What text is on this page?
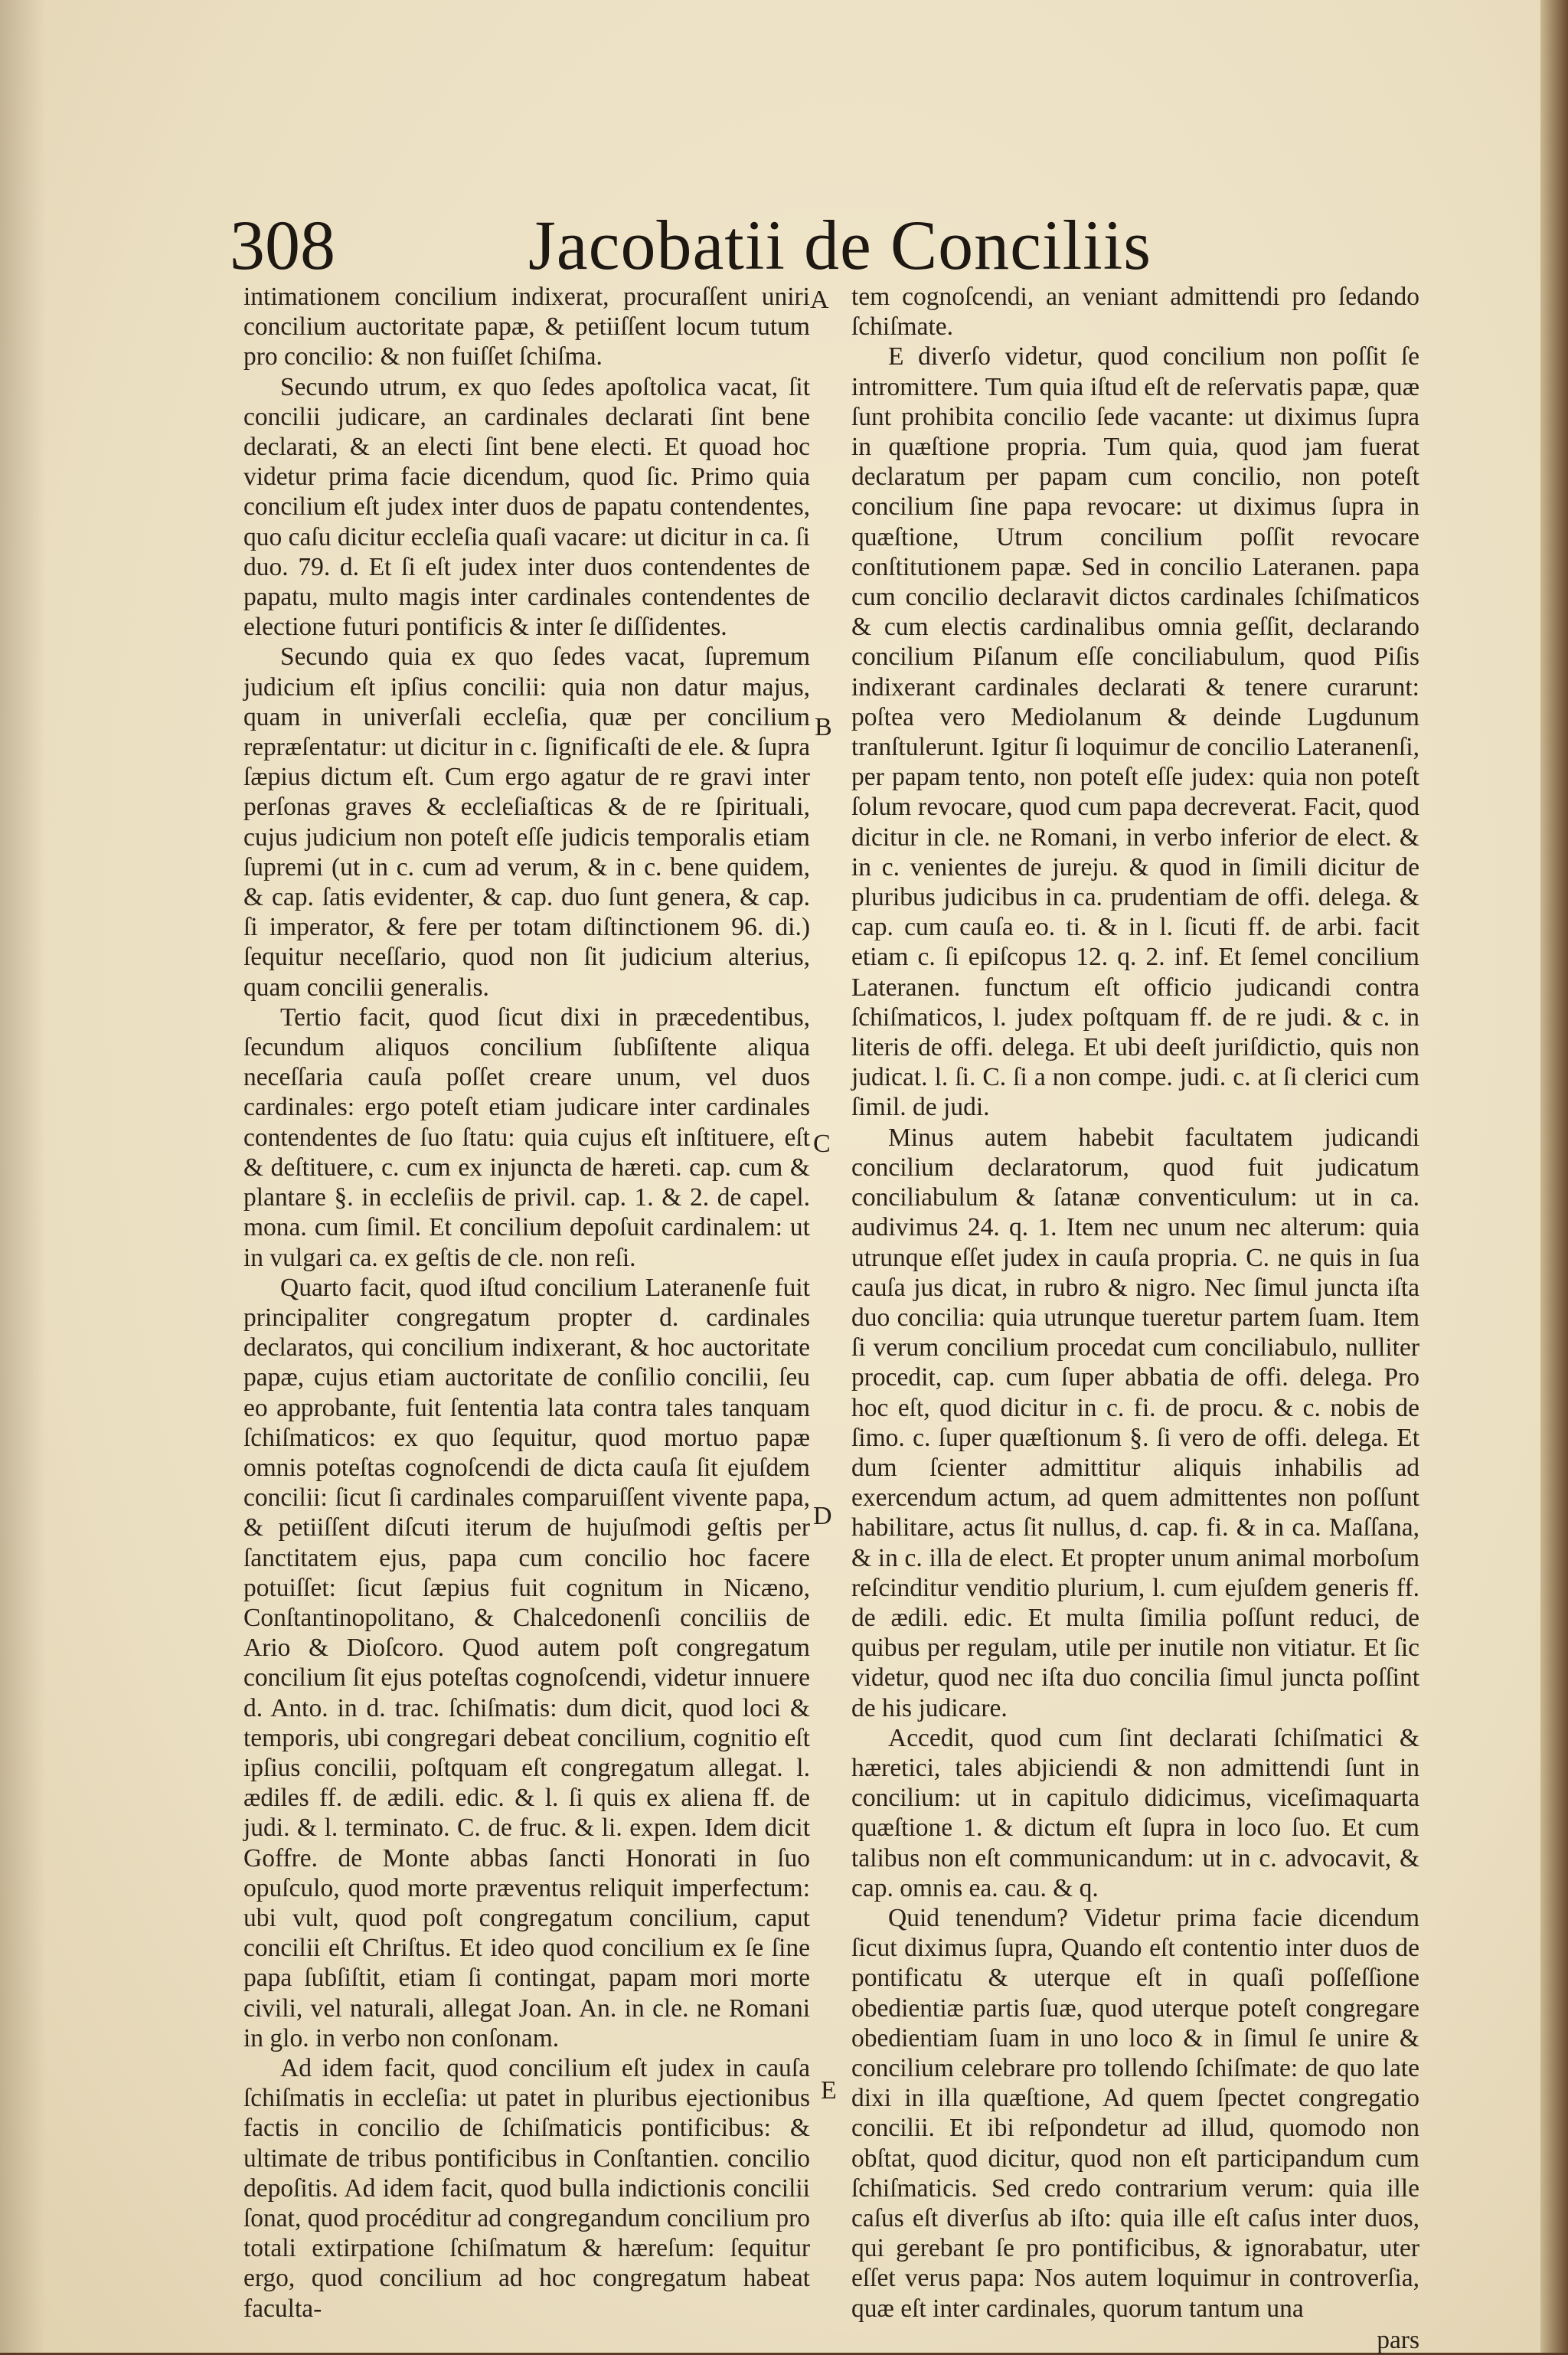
308	Jacobatii de Conciliis

intimationem concilium indixerat, procuraſſent uniri concilium auctoritate papæ, & petiiſſent locum tutum pro concilio: & non fuiſſet ſchiſma.

Secundo utrum, ex quo ſedes apoſtolica vacat, ſit concilii judicare, an cardinales declarati ſint bene declarati, & an electi ſint bene electi. Et quoad hoc videtur prima facie dicendum, quod ſic. Primo quia concilium eſt judex inter duos de papatu contendentes, quo caſu dicitur eccleſia quaſi vacare: ut dicitur in ca. ſi duo. 79. d. Et ſi eſt judex inter duos contendentes de papatu, multo magis inter cardinales contendentes de electione futuri pontificis & inter ſe diſſidentes.

Secundo quia ex quo ſedes vacat, ſupremum judicium eſt ipſius concilii: quia non datur majus, quam in univerſali eccleſia, quæ per concilium repræſentatur: ut dicitur in c. ſignificaſti de ele. & ſupra ſæpius dictum eſt. Cum ergo agatur de re gravi inter perſonas graves & eccleſiaſticas & de re ſpirituali, cujus judicium non poteſt eſſe judicis temporalis etiam ſupremi (ut in c. cum ad verum, & in c. bene quidem, & cap. ſatis evidenter, & cap. duo ſunt genera, & cap. ſi imperator, & fere per totam diſtinctionem 96. di.) ſequitur neceſſario, quod non ſit judicium alterius, quam concilii generalis.

Tertio facit, quod ſicut dixi in præcedentibus, ſecundum aliquos concilium ſubſiſtente aliqua neceſſaria cauſa poſſet creare unum, vel duos cardinales: ergo poteſt etiam judicare inter cardinales contendentes de ſuo ſtatu: quia cujus eſt inſtituere, eſt & deſtituere, c. cum ex injuncta de hæreti. cap. cum & plantare §. in eccleſiis de privil. cap. 1. & 2. de capel. mona. cum ſimil. Et concilium depoſuit cardinalem: ut in vulgari ca. ex geſtis de cle. non reſi.

Quarto facit, quod iſtud concilium Lateranenſe fuit principaliter congregatum propter d. cardinales declaratos, qui concilium indixerant, & hoc auctoritate papæ, cujus etiam auctoritate de conſilio concilii, ſeu eo approbante, fuit ſententia lata contra tales tanquam ſchiſmaticos: ex quo ſequitur, quod mortuo papæ omnis poteſtas cognoſcendi de dicta cauſa ſit ejuſdem concilii: ſicut ſi cardinales comparuiſſent vivente papa, & petiiſſent diſcuti iterum de hujuſmodi geſtis per ſanctitatem ejus, papa cum concilio hoc facere potuiſſet: ſicut ſæpius fuit cognitum in Nicæno, Conſtantinopolitano, & Chalcedonenſi conciliis de Ario & Dioſcoro. Quod autem poſt congregatum concilium ſit ejus poteſtas cognoſcendi, videtur innuere d. Anto. in d. trac. ſchiſmatis: dum dicit, quod loci & temporis, ubi congregari debeat concilium, cognitio eſt ipſius concilii, poſtquam eſt congregatum allegat. l. ædiles ff. de ædili. edic. & l. ſi quis ex aliena ff. de judi. & l. terminato. C. de fruc. & li. expen. Idem dicit Goffre. de Monte abbas ſancti Honorati in ſuo opuſculo, quod morte præventus reliquit imperfectum: ubi vult, quod poſt congregatum concilium, caput concilii eſt Chriſtus. Et ideo quod concilium ex ſe ſine papa ſubſiſtit, etiam ſi contingat, papam mori morte civili, vel naturali, allegat Joan. An. in cle. ne Romani in glo. in verbo non conſonam.

Ad idem facit, quod concilium eſt judex in cauſa ſchiſmatis in eccleſia: ut patet in pluribus ejectionibus factis in concilio de ſchiſmaticis pontificibus: & ultimate de tribus pontificibus in Conſtantien. concilio depoſitis. Ad idem facit, quod bulla indictionis concilii ſonat, quod procéditur ad congregandum concilium pro totali extirpatione ſchiſmatum & hæreſum: ſequitur ergo, quod concilium ad hoc congregatum habeat faculta-

A
B
C
D
E

tem cognoſcendi, an veniant admittendi pro ſedando ſchiſmate.

E diverſo videtur, quod concilium non poſſit ſe intromittere. Tum quia iſtud eſt de reſervatis papæ, quæ ſunt prohibita concilio ſede vacante: ut diximus ſupra in quæſtione propria. Tum quia, quod jam fuerat declaratum per papam cum concilio, non poteſt concilium ſine papa revocare: ut diximus ſupra in quæſtione, Utrum concilium poſſit revocare conſtitutionem papæ. Sed in concilio Lateranen. papa cum concilio declaravit dictos cardinales ſchiſmaticos & cum electis cardinalibus omnia geſſit, declarando concilium Piſanum eſſe conciliabulum, quod Piſis indixerant cardinales declarati & tenere curarunt: poſtea vero Mediolanum & deinde Lugdunum tranſtulerunt. Igitur ſi loquimur de concilio Lateranenſi, per papam tento, non poteſt eſſe judex: quia non poteſt ſolum revocare, quod cum papa decreverat. Facit, quod dicitur in cle. ne Romani, in verbo inferior de elect. & in c. venientes de jureju. & quod in ſimili dicitur de pluribus judicibus in ca. prudentiam de offi. delega. & cap. cum cauſa eo. ti. & in l. ſicuti ff. de arbi. facit etiam c. ſi epiſcopus 12. q. 2. inf. Et ſemel concilium Lateranen. functum eſt officio judicandi contra ſchiſmaticos, l. judex poſtquam ff. de re judi. & c. in literis de offi. delega. Et ubi deeſt juriſdictio, quis non judicat. l. ſi. C. ſi a non compe. judi. c. at ſi clerici cum ſimil. de judi.

Minus autem habebit facultatem judicandi concilium declaratorum, quod fuit judicatum conciliabulum & ſatanæ conventiculum: ut in ca. audivimus 24. q. 1. Item nec unum nec alterum: quia utrunque eſſet judex in cauſa propria. C. ne quis in ſua cauſa jus dicat, in rubro & nigro. Nec ſimul juncta iſta duo concilia: quia utrunque tueretur partem ſuam. Item ſi verum concilium procedat cum conciliabulo, nulliter procedit, cap. cum ſuper abbatia de offi. delega. Pro hoc eſt, quod dicitur in c. fi. de procu. & c. nobis de ſimo. c. ſuper quæſtionum §. ſi vero de offi. delega. Et dum ſcienter admittitur aliquis inhabilis ad exercendum actum, ad quem admittentes non poſſunt habilitare, actus ſit nullus, d. cap. fi. & in ca. Maſſana, & in c. illa de elect. Et propter unum animal morboſum reſcinditur venditio plurium, l. cum ejuſdem generis ff. de ædili. edic. Et multa ſimilia poſſunt reduci, de quibus per regulam, utile per inutile non vitiatur. Et ſic videtur, quod nec iſta duo concilia ſimul juncta poſſint de his judicare.

Accedit, quod cum ſint declarati ſchiſmatici & hæretici, tales abjiciendi & non admittendi ſunt in concilium: ut in capitulo didicimus, viceſimaquarta quæſtione 1. & dictum eſt ſupra in loco ſuo. Et cum talibus non eſt communicandum: ut in c. advocavit, & cap. omnis ea. cau. & q.

Quid tenendum? Videtur prima facie dicendum ſicut diximus ſupra, Quando eſt contentio inter duos de pontificatu & uterque eſt in quaſi poſſeſſione obedientiæ partis ſuæ, quod uterque poteſt congregare obedientiam ſuam in uno loco & in ſimul ſe unire & concilium celebrare pro tollendo ſchiſmate: de quo late dixi in illa quæſtione, Ad quem ſpectet congregatio concilii. Et ibi reſpondetur ad illud, quomodo non obſtat, quod dicitur, quod non eſt participandum cum ſchiſmaticis. Sed credo contrarium verum: quia ille caſus eſt diverſus ab iſto: quia ille eſt caſus inter duos, qui gerebant ſe pro pontificibus, & ignorabatur, uter eſſet verus papa: Nos autem loquimur in controverſia, quæ eſt inter cardinales, quorum tantum una

pars
